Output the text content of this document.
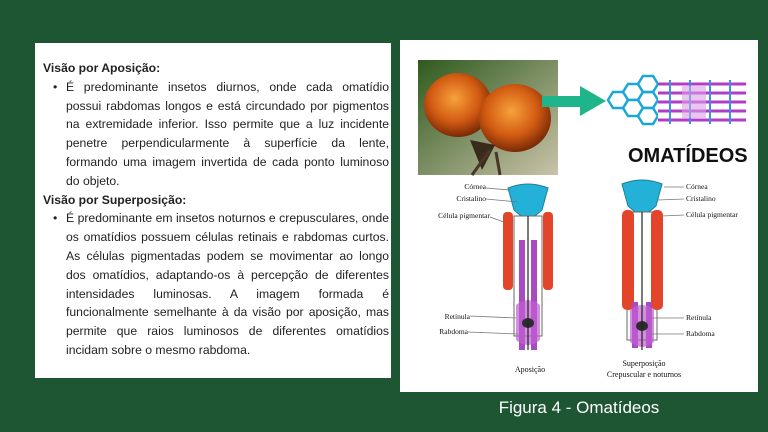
Visão por Aposição:

• É predominante insetos diurnos, onde cada omatídio possui rabdomas longos e está circundado por pigmentos na extremidade inferior. Isso permite que a luz incidente penetre perpendicularmente à superfície da lente, formando uma imagem invertida de cada ponto luminoso do objeto.

Visão por Superposição:

• É predominante em insetos noturnos e crepusculares, onde os omatídios possuem células retinais e rabdomas curtos. As células pigmentadas podem se movimentar ao longo dos omatídios, adaptando-os à percepção de diferentes intensidades luminosas. A imagem formada é funcionalmente semelhante à da visão por aposição, mas permite que raios luminosos de diferentes omatídios incidam sobre o mesmo rabdoma.
OMATÍDEOS
Córnea
Cristalino
Célula pigmentar
Retínula
Rabdoma
Aposição
Córnea
Cristalino
Célula pigmentar
Retínula
Rabdoma
Superposição
Crepuscular e noturnos
Figura 4 - Omatídeos
